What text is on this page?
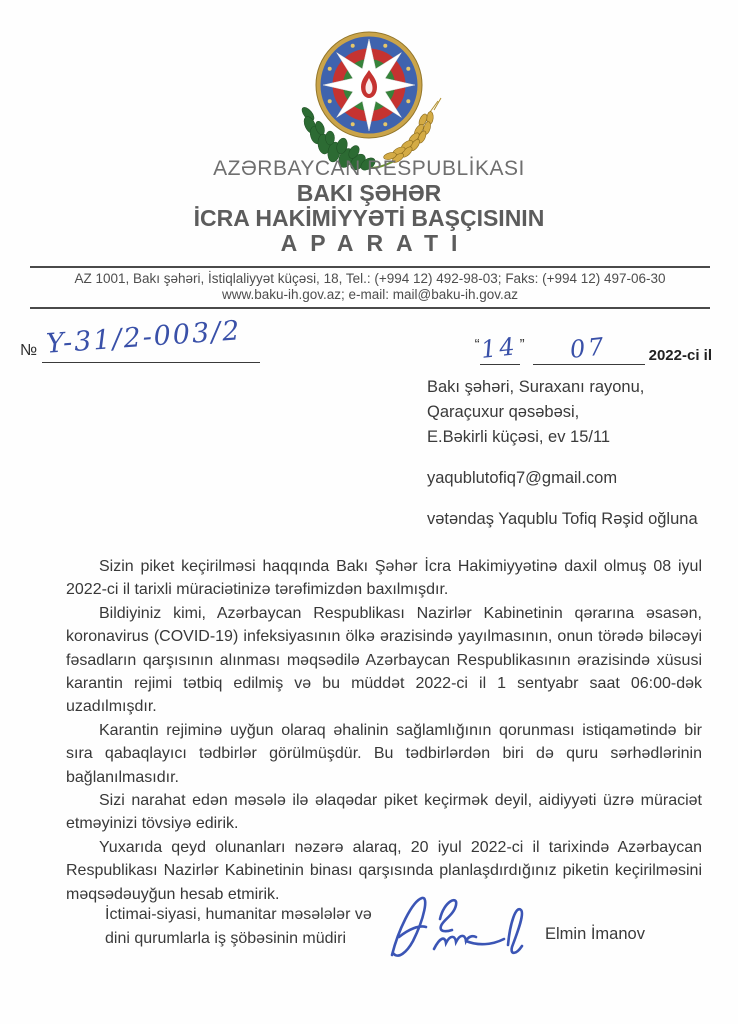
AZƏRBAYCAN RESPUBLİKASI
BAKI ŞƏHƏR
İCRA HAKİMİYYƏTİ BAŞÇISININ
APARATI
AZ 1001, Bakı şəhəri, İstiqlaliyyət küçəsi, 18, Tel.: (+994 12) 492-98-03; Faks: (+994 12) 497-06-30
www.baku-ih.gov.az; e-mail: mail@baku-ih.gov.az
№ Y-31/2-003/2	“14” 07	2022-ci il
Bakı şəhəri, Suraxanı rayonu,
Qaraçuxur qəsəbəsi,
E.Bəkirli küçəsi, ev 15/11
yaqublutofiq7@gmail.com
vətəndaş Yaqublu Tofiq Rəşid oğluna

Sizin piket keçirilməsi haqqında Bakı Şəhər İcra Hakimiyyətinə daxil olmuş 08 iyul 2022-ci il tarixli müraciətinizə tərəfimizdən baxılmışdır.

Bildiyiniz kimi, Azərbaycan Respublikası Nazirlər Kabinetinin qərarına əsasən, koronavirus (COVID-19) infeksiyasının ölkə ərazisində yayılmasının, onun törədə biləcəyi fəsadların qarşısının alınması məqsədilə Azərbaycan Respublikasının ərazisində xüsusi karantin rejimi tətbiq edilmiş və bu müddət 2022-ci il 1 sentyabr saat 06:00-dək uzadılmışdır.

Karantin rejiminə uyğun olaraq əhalinin sağlamlığının qorunması istiqamətində bir sıra qabaqlayıcı tədbirlər görülmüşdür. Bu tədbirlərdən biri də quru sərhədlərinin bağlanılmasıdır.

Sizi narahat edən məsələ ilə əlaqədar piket keçirmək deyil, aidiyyəti üzrə müraciət etməyinizi tövsiyə edirik.

Yuxarıda qeyd olunanları nəzərə alaraq, 20 iyul 2022-ci il tarixində Azərbaycan Respublikası Nazirlər Kabinetinin binası qarşısında planlaşdırdığınız piketin keçirilməsini məqsədəuyğun hesab etmirik.

İctimai-siyasi, humanitar məsələlər və
dini qurumlarla iş şöbəsinin müdiri	Elmin İmanov
